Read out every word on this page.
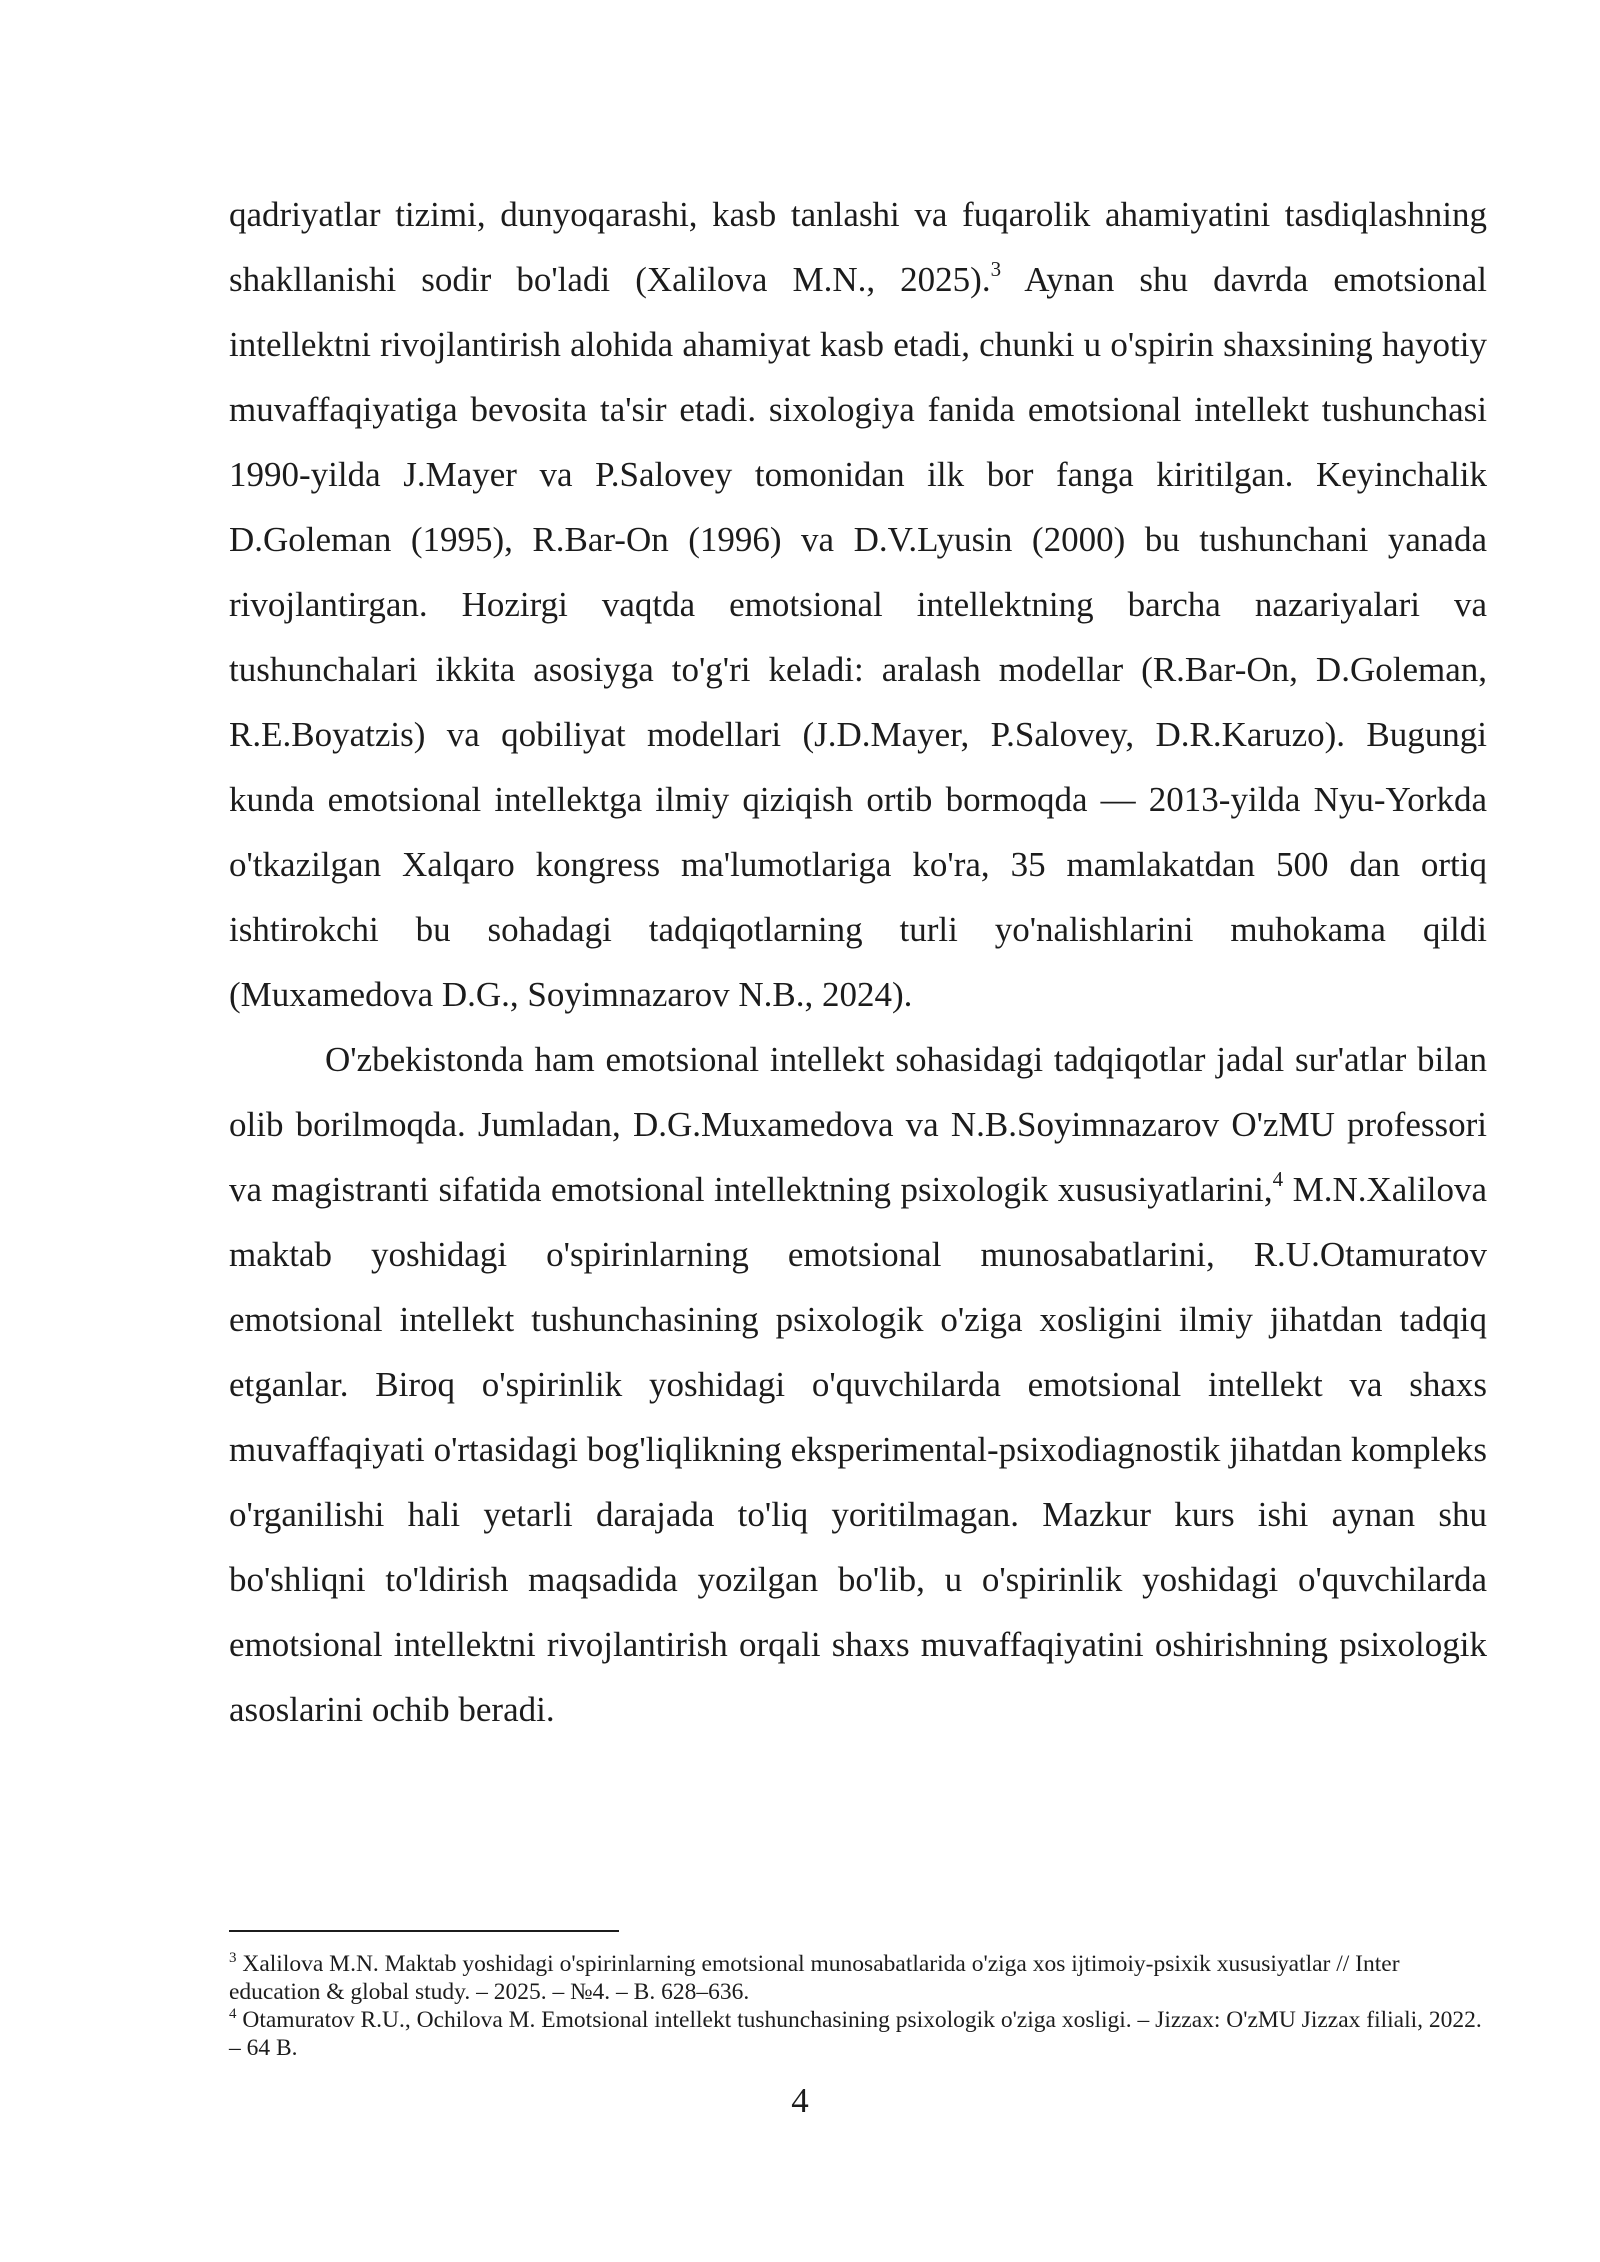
qadriyatlar tizimi, dunyoqarashi, kasb tanlashi va fuqarolik ahamiyatini tasdiqlashning shakllanishi sodir bo'ladi (Xalilova M.N., 2025).$^3$ Aynan shu davrda emotsional intellektni rivojlantirish alohida ahamiyat kasb etadi, chunki u o'spirin shaxsining hayotiy muvaffaqiyatiga bevosita ta'sir etadi. sixologiya fanida emotsional intellekt tushunchasi 1990-yilda J.Mayer va P.Salovey tomonidan ilk bor fanga kiritilgan. Keyinchalik D.Goleman (1995), R.Bar-On (1996) va D.V.Lyusin (2000) bu tushunchani yanada rivojlantirgan. Hozirgi vaqtda emotsional intellektning barcha nazariyalari va tushunchalari ikkita asosiyga to'g'ri keladi: aralash modellar (R.Bar-On, D.Goleman, R.E.Boyatzis) va qobiliyat modellari (J.D.Mayer, P.Salovey, D.R.Karuzo). Bugungi kunda emotsional intellektga ilmiy qiziqish ortib bormoqda — 2013-yilda Nyu-Yorkda o'tkazilgan Xalqaro kongress ma'lumotlariga ko'ra, 35 mamlakatdan 500 dan ortiq ishtirokchi bu sohadagi tadqiqotlarning turli yo'nalishlarini muhokama qildi (Muxamedova D.G., Soyimnazarov N.B., 2024).

O'zbekistonda ham emotsional intellekt sohasidagi tadqiqotlar jadal sur'atlar bilan olib borilmoqda. Jumladan, D.G.Muxamedova va N.B.Soyimnazarov O'zMU professori va magistranti sifatida emotsional intellektning psixologik xususiyatlarini,$^4$ M.N.Xalilova maktab yoshidagi o'spirinlarning emotsional munosabatlarini, R.U.Otamuratov emotsional intellekt tushunchasining psixologik o'ziga xosligini ilmiy jihatdan tadqiq etganlar. Biroq o'spirinlik yoshidagi o'quvchilarda emotsional intellekt va shaxs muvaffaqiyati o'rtasidagi bog'liqlikning eksperimental-psixodiagnostik jihatdan kompleks o'rganilishi hali yetarli darajada to'liq yoritilmagan. Mazkur kurs ishi aynan shu bo'shliqni to'ldirish maqsadida yozilgan bo'lib, u o'spirinlik yoshidagi o'quvchilarda emotsional intellektni rivojlantirish orqali shaxs muvaffaqiyatini oshirishning psixologik asoslarini ochib beradi.

$^3$ Xalilova M.N. Maktab yoshidagi o'spirinlarning emotsional munosabatlarida o'ziga xos ijtimoiy-psixik xususiyatlar // Inter education & global study. – 2025. – №4. – B. 628–636.

$^4$ Otamuratov R.U., Ochilova M. Emotsional intellekt tushunchasining psixologik o'ziga xosligi. – Jizzax: O'zMU Jizzax filiali, 2022. – 64 B.

4
